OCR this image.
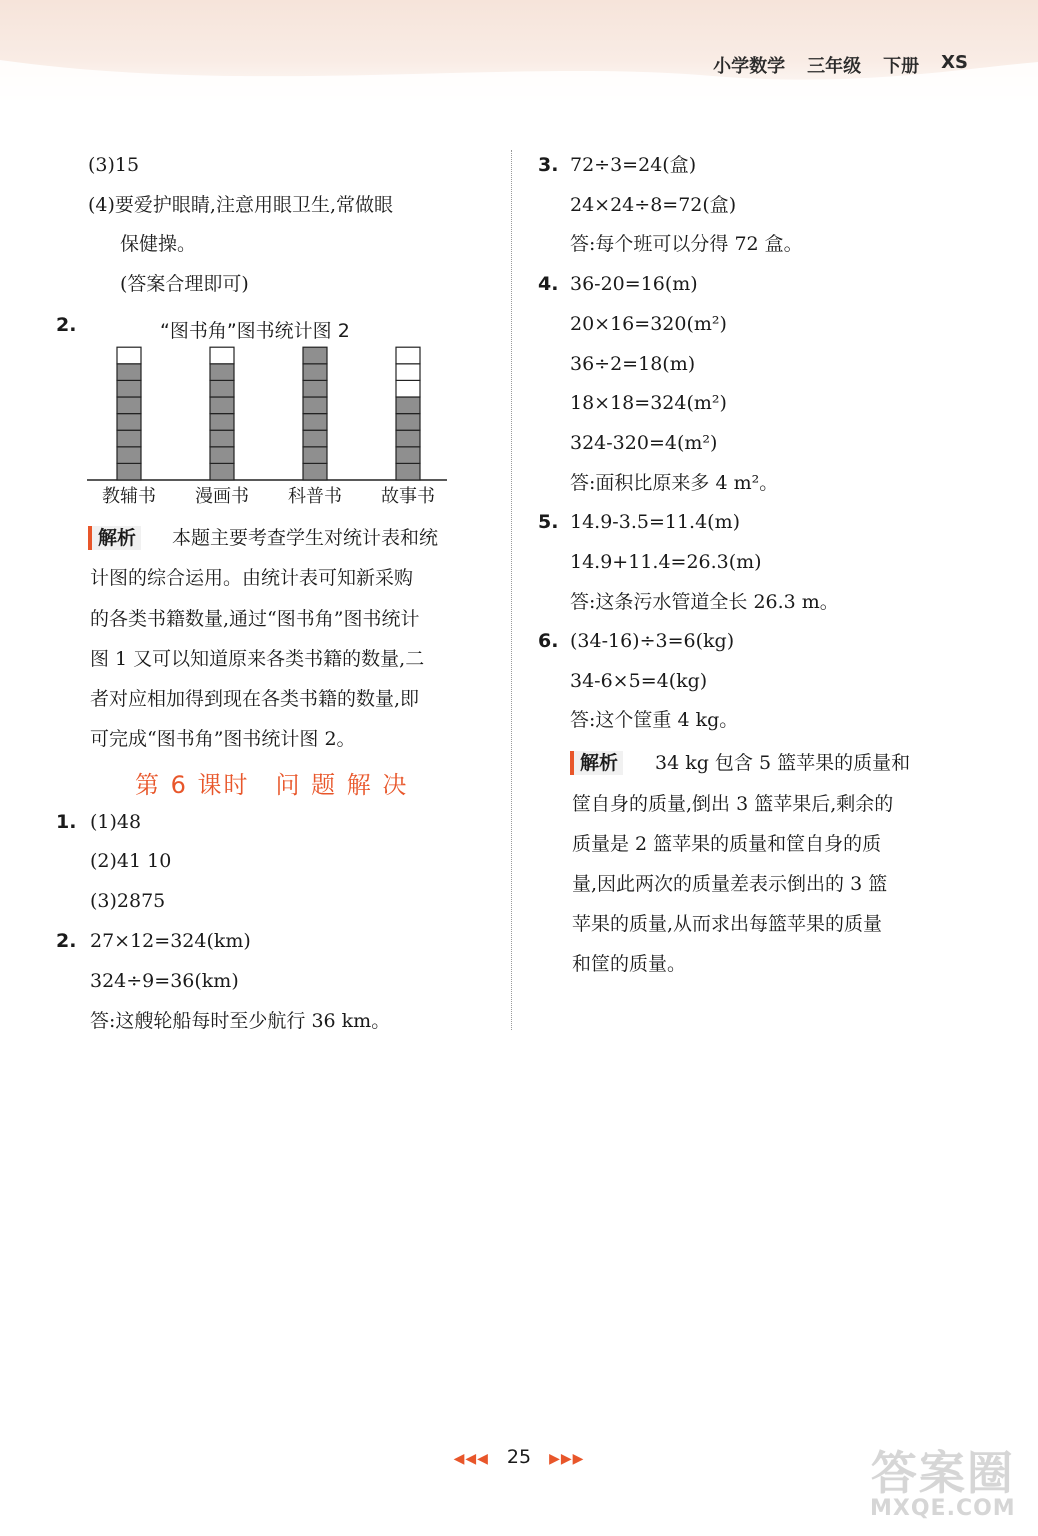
小学数学 三年级 下册 XS
(3)15
(4)要爱护眼睛,注意用眼卫生,常做眼
保健操。
(答案合理即可)
2.	“图书角”图书统计图 2
教辅书 漫画书 科普书 故事书
解析 本题主要考查学生对统计表和统
计图的综合运用。由统计表可知新采购
的各类书籍数量,通过“图书角”图书统计
图 1 又可以知道原来各类书籍的数量,二
者对应相加得到现在各类书籍的数量,即
可完成“图书角”图书统计图 2。
第 6 课时 问 题 解 决
1. (1)48
(2)41 10
(3)2875
2. 27×12=324(km)
324÷9=36(km)
答:这艘轮船每时至少航行 36 km。
3. 72÷3=24(盒)
24×24÷8=72(盒)
答:每个班可以分得 72 盒。
4. 36-20=16(m)
20×16=320(m²)
36÷2=18(m)
18×18=324(m²)
324-320=4(m²)
答:面积比原来多 4 m²。
5. 14.9-3.5=11.4(m)
14.9+11.4=26.3(m)
答:这条污水管道全长 26.3 m。
6. (34-16)÷3=6(kg)
34-6×5=4(kg)
答:这个筐重 4 kg。
解析 34 kg 包含 5 篮苹果的质量和
筐自身的质量,倒出 3 篮苹果后,剩余的
质量是 2 篮苹果的质量和筐自身的质
量,因此两次的质量差表示倒出的 3 篮
苹果的质量,从而求出每篮苹果的质量
和筐的质量。
◀◀◀ 25 ▶▶▶	答案圈
MXQE.COM
